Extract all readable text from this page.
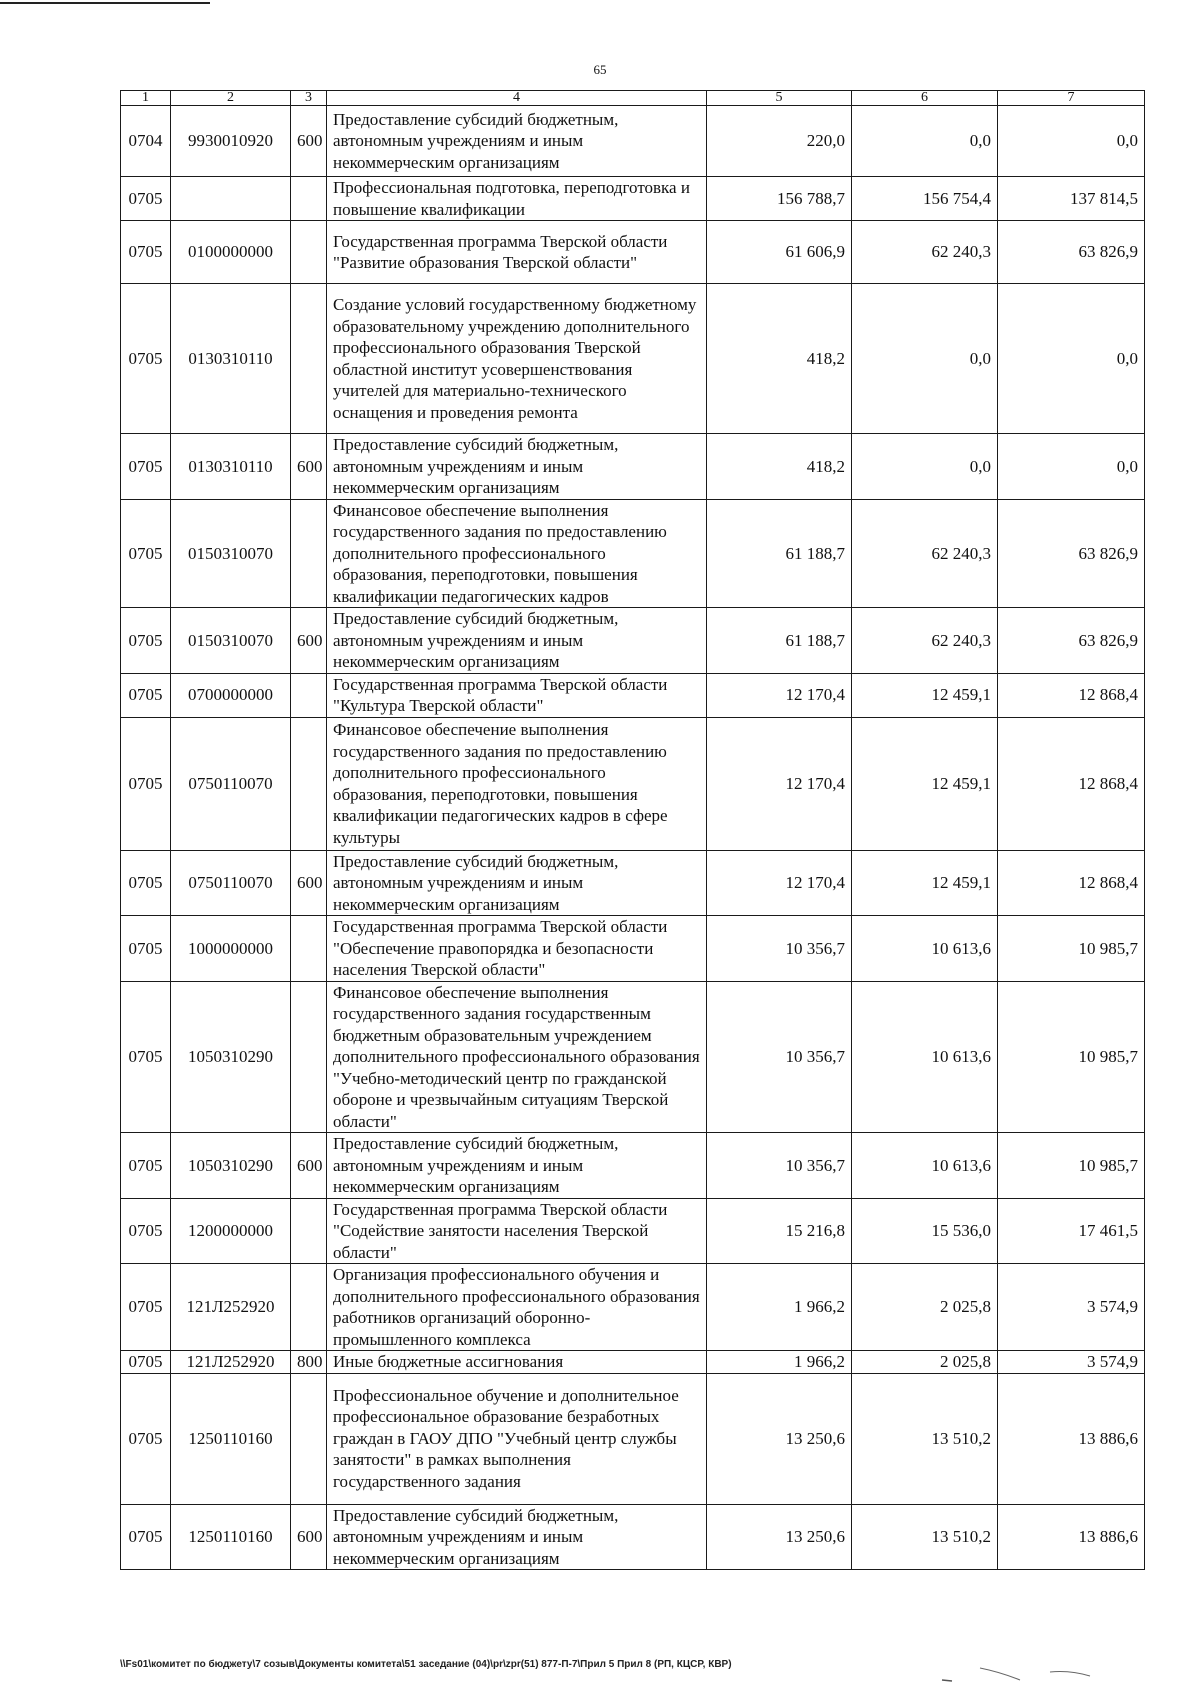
65
1	2	3	4	5	6	7
0704	9930010920	600	Предоставление субсидий бюджетным, автономным учреждениям и иным некоммерческим организациям	220,0	0,0	0,0
0705			Профессиональная подготовка, переподготовка и повышение квалификации	156 788,7	156 754,4	137 814,5
0705	0100000000		Государственная программа Тверской области "Развитие образования Тверской области"	61 606,9	62 240,3	63 826,9
0705	0130310110		Создание условий государственному бюджетному образовательному учреждению дополнительного профессионального образования Тверской областной институт усовершенствования учителей для материально-технического оснащения и проведения ремонта	418,2	0,0	0,0
0705	0130310110	600	Предоставление субсидий бюджетным, автономным учреждениям и иным некоммерческим организациям	418,2	0,0	0,0
0705	0150310070		Финансовое обеспечение выполнения государственного задания по предоставлению дополнительного профессионального образования, переподготовки, повышения квалификации педагогических кадров	61 188,7	62 240,3	63 826,9
0705	0150310070	600	Предоставление субсидий бюджетным, автономным учреждениям и иным некоммерческим организациям	61 188,7	62 240,3	63 826,9
0705	0700000000		Государственная программа Тверской области "Культура Тверской области"	12 170,4	12 459,1	12 868,4
0705	0750110070		Финансовое обеспечение выполнения государственного задания по предоставлению дополнительного профессионального образования, переподготовки, повышения квалификации педагогических кадров в сфере культуры	12 170,4	12 459,1	12 868,4
0705	0750110070	600	Предоставление субсидий бюджетным, автономным учреждениям и иным некоммерческим организациям	12 170,4	12 459,1	12 868,4
0705	1000000000		Государственная программа Тверской области "Обеспечение правопорядка и безопасности населения Тверской области"	10 356,7	10 613,6	10 985,7
0705	1050310290		Финансовое обеспечение выполнения государственного задания государственным бюджетным образовательным учреждением дополнительного профессионального образования "Учебно-методический центр по гражданской обороне и чрезвычайным ситуациям Тверской области"	10 356,7	10 613,6	10 985,7
0705	1050310290	600	Предоставление субсидий бюджетным, автономным учреждениям и иным некоммерческим организациям	10 356,7	10 613,6	10 985,7
0705	1200000000		Государственная программа Тверской области "Содействие занятости населения Тверской области"	15 216,8	15 536,0	17 461,5
0705	121Л252920		Организация профессионального обучения и дополнительного профессионального образования работников организаций оборонно-промышленного комплекса	1 966,2	2 025,8	3 574,9
0705	121Л252920	800	Иные бюджетные ассигнования	1 966,2	2 025,8	3 574,9
0705	1250110160		Профессиональное обучение и дополнительное профессиональное образование безработных граждан в ГАОУ ДПО "Учебный центр службы занятости" в рамках выполнения государственного задания	13 250,6	13 510,2	13 886,6
0705	1250110160	600	Предоставление субсидий бюджетным, автономным учреждениям и иным некоммерческим организациям	13 250,6	13 510,2	13 886,6
\\Fs01\комитет по бюджету\7 созыв\Документы комитета\51 заседание (04)\pr\zpr(51) 877-П-7\Прил 5 Прил 8 (РП, КЦСР, КВР)
